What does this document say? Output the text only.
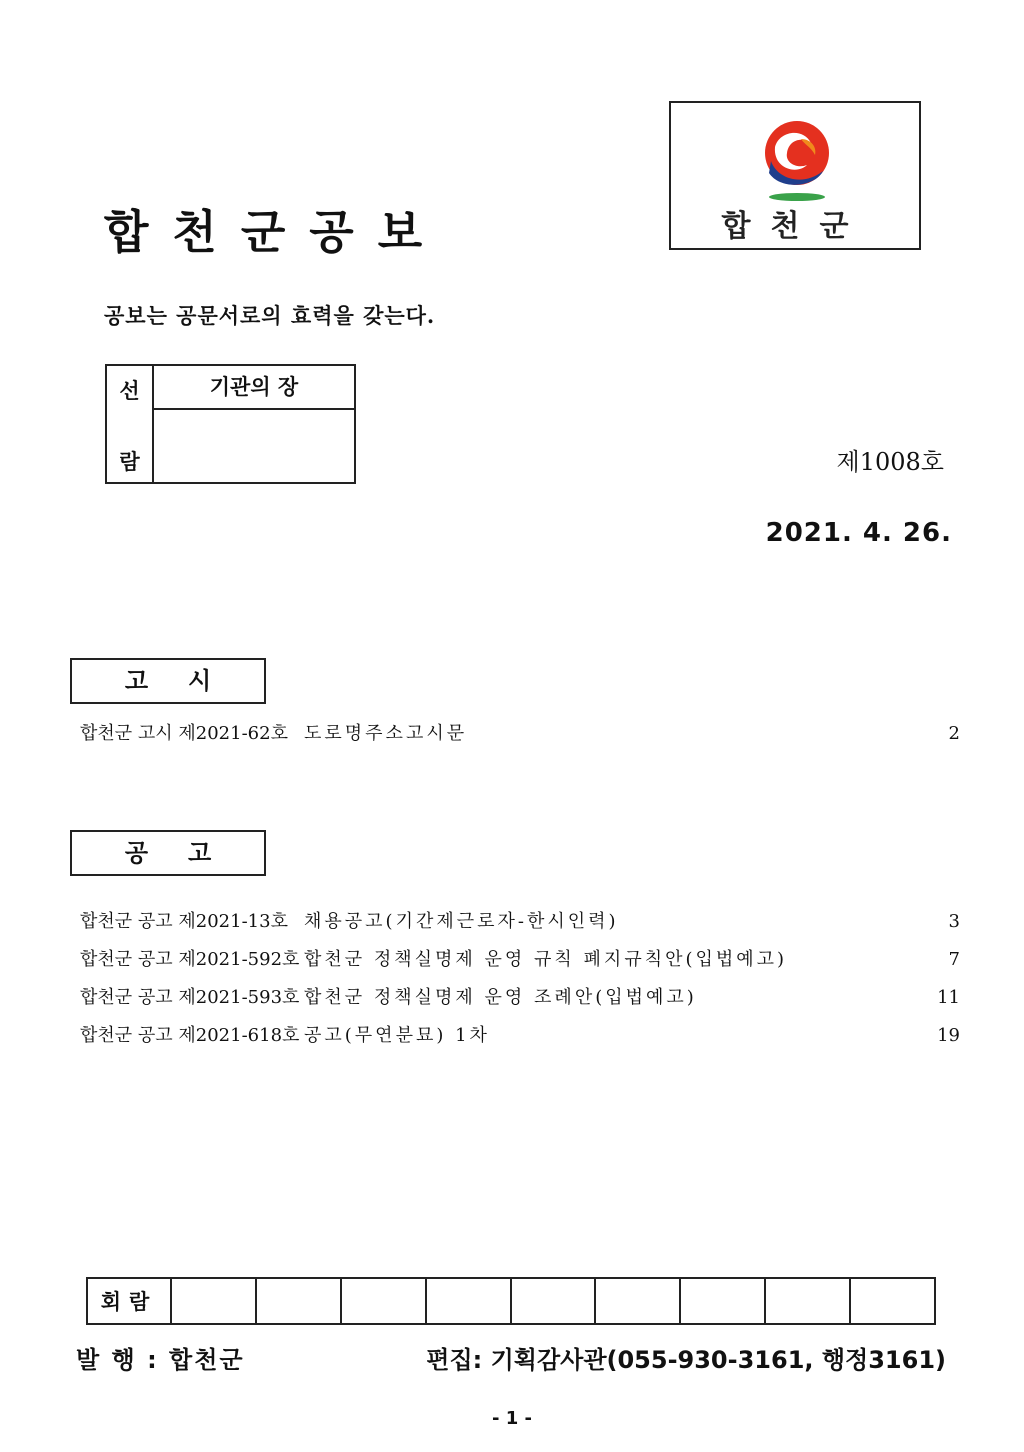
합천군공보	합천군
공보는 공문서로의 효력을 갖는다.
선
람
기관의 장
제1008호
2021. 4. 26.
고시
합천군 고시 제2021-62호 도로명주소고시문	2
공고
합천군 공고 제2021-13호 채용공고(기간제근로자-한시인력)	3
합천군 공고 제2021-592호 합천군 정책실명제 운영 규칙 폐지규칙안(입법예고)	7
합천군 공고 제2021-593호 합천군 정책실명제 운영 조례안(입법예고)	11
합천군 공고 제2021-618호 공고(무연분묘) 1차	19
회람									
발 행 : 합천군	편집: 기획감사관(055-930-3161, 행정3161)
- 1 -
